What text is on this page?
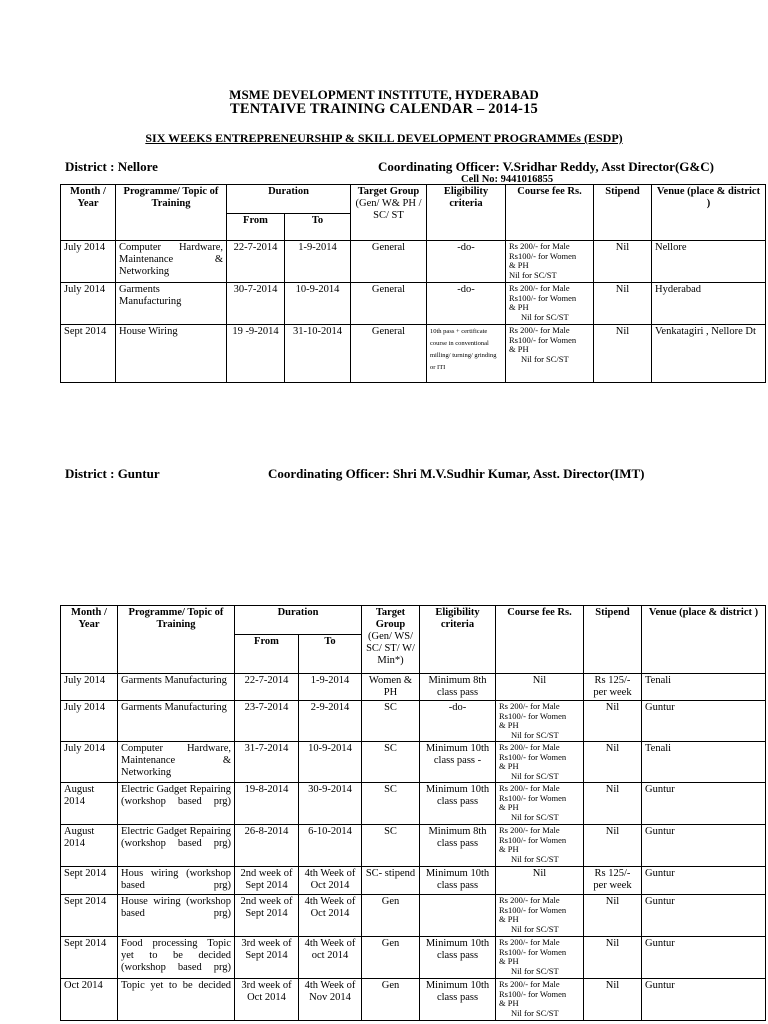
MSME DEVELOPMENT INSTITUTE, HYDERABAD
TENTAIVE TRAINING CALENDAR – 2014-15
SIX WEEKS ENTREPRENEURSHIP & SKILL DEVELOPMENT PROGRAMMEs (ESDP)
District : Nellore	Coordinating Officer: V.Sridhar Reddy, Asst Director(G&C)
Cell No: 9441016855
Month / Year	Programme/ Topic of Training	Duration		Target Group
(Gen/ W& PH / SC/ ST	Eligibility criteria	Course fee Rs.	Stipend	Venue (place & district )
		From	To					
July 2014	Computer Hardware, Maintenance & Networking	22-7-2014	1-9-2014	General	-do-	Rs 200/- for Male
Rs100/- for Women
& PH
Nil for SC/ST	Nil	Nellore
July 2014	Garments Manufacturing	30-7-2014	10-9-2014	General	-do-	Rs 200/- for Male
Rs100/- for Women
& PH
Nil for SC/ST	Nil	Hyderabad
Sept 2014	House Wiring	19 -9-2014	31-10-2014	General	10th pass + certificate course in conventional milling/ turning/ grinding or ITI	Rs 200/- for Male
Rs100/- for Women
& PH
Nil for SC/ST	Nil	Venkatagiri , Nellore Dt
District : Guntur	Coordinating Officer: Shri M.V.Sudhir Kumar, Asst. Director(IMT)
Month / Year	Programme/ Topic of Training	Duration		Target Group
(Gen/ WS/ SC/ ST/ W/ Min*)	Eligibility criteria	Course fee Rs.	Stipend	Venue (place & district )
		From	To					
July 2014	Garments Manufacturing	22-7-2014	1-9-2014	Women & PH	Minimum 8th class pass	Nil	Rs 125/- per week	Tenali
July 2014	Garments Manufacturing	23-7-2014	2-9-2014	SC	-do-	Rs 200/- for Male
Rs100/- for Women
& PH
Nil for SC/ST	Nil	Guntur
July 2014	Computer Hardware, Maintenance & Networking	31-7-2014	10-9-2014	SC	Minimum 10th class pass -	Rs 200/- for Male
Rs100/- for Women
& PH
Nil for SC/ST	Nil	Tenali
August 2014	Electric Gadget Repairing (workshop based prg)	19-8-2014	30-9-2014	SC	Minimum 10th class pass	Rs 200/- for Male
Rs100/- for Women
& PH
Nil for SC/ST	Nil	Guntur
August 2014	Electric Gadget Repairing (workshop based prg)	26-8-2014	6-10-2014	SC	Minimum 8th class pass	Rs 200/- for Male
Rs100/- for Women
& PH
Nil for SC/ST	Nil	Guntur
Sept 2014	Hous wiring (workshop based prg)	2nd week of Sept 2014	4th Week of Oct 2014	SC- stipend	Minimum 10th class pass	Nil	Rs 125/- per week	Guntur
Sept 2014	House wiring (workshop based prg)	2nd week of Sept 2014	4th Week of Oct 2014	Gen		Rs 200/- for Male
Rs100/- for Women
& PH
Nil for SC/ST	Nil	Guntur
Sept 2014	Food processing Topic yet to be decided (workshop based prg)	3rd week of Sept 2014	4th Week of oct 2014	Gen	Minimum 10th class pass	Rs 200/- for Male
Rs100/- for Women
& PH
Nil for SC/ST	Nil	Guntur
Oct 2014	Topic yet to be decided	3rd week of Oct 2014	4th Week of Nov 2014	Gen	Minimum 10th class pass	Rs 200/- for Male
Rs100/- for Women
& PH
Nil for SC/ST	Nil	Guntur
